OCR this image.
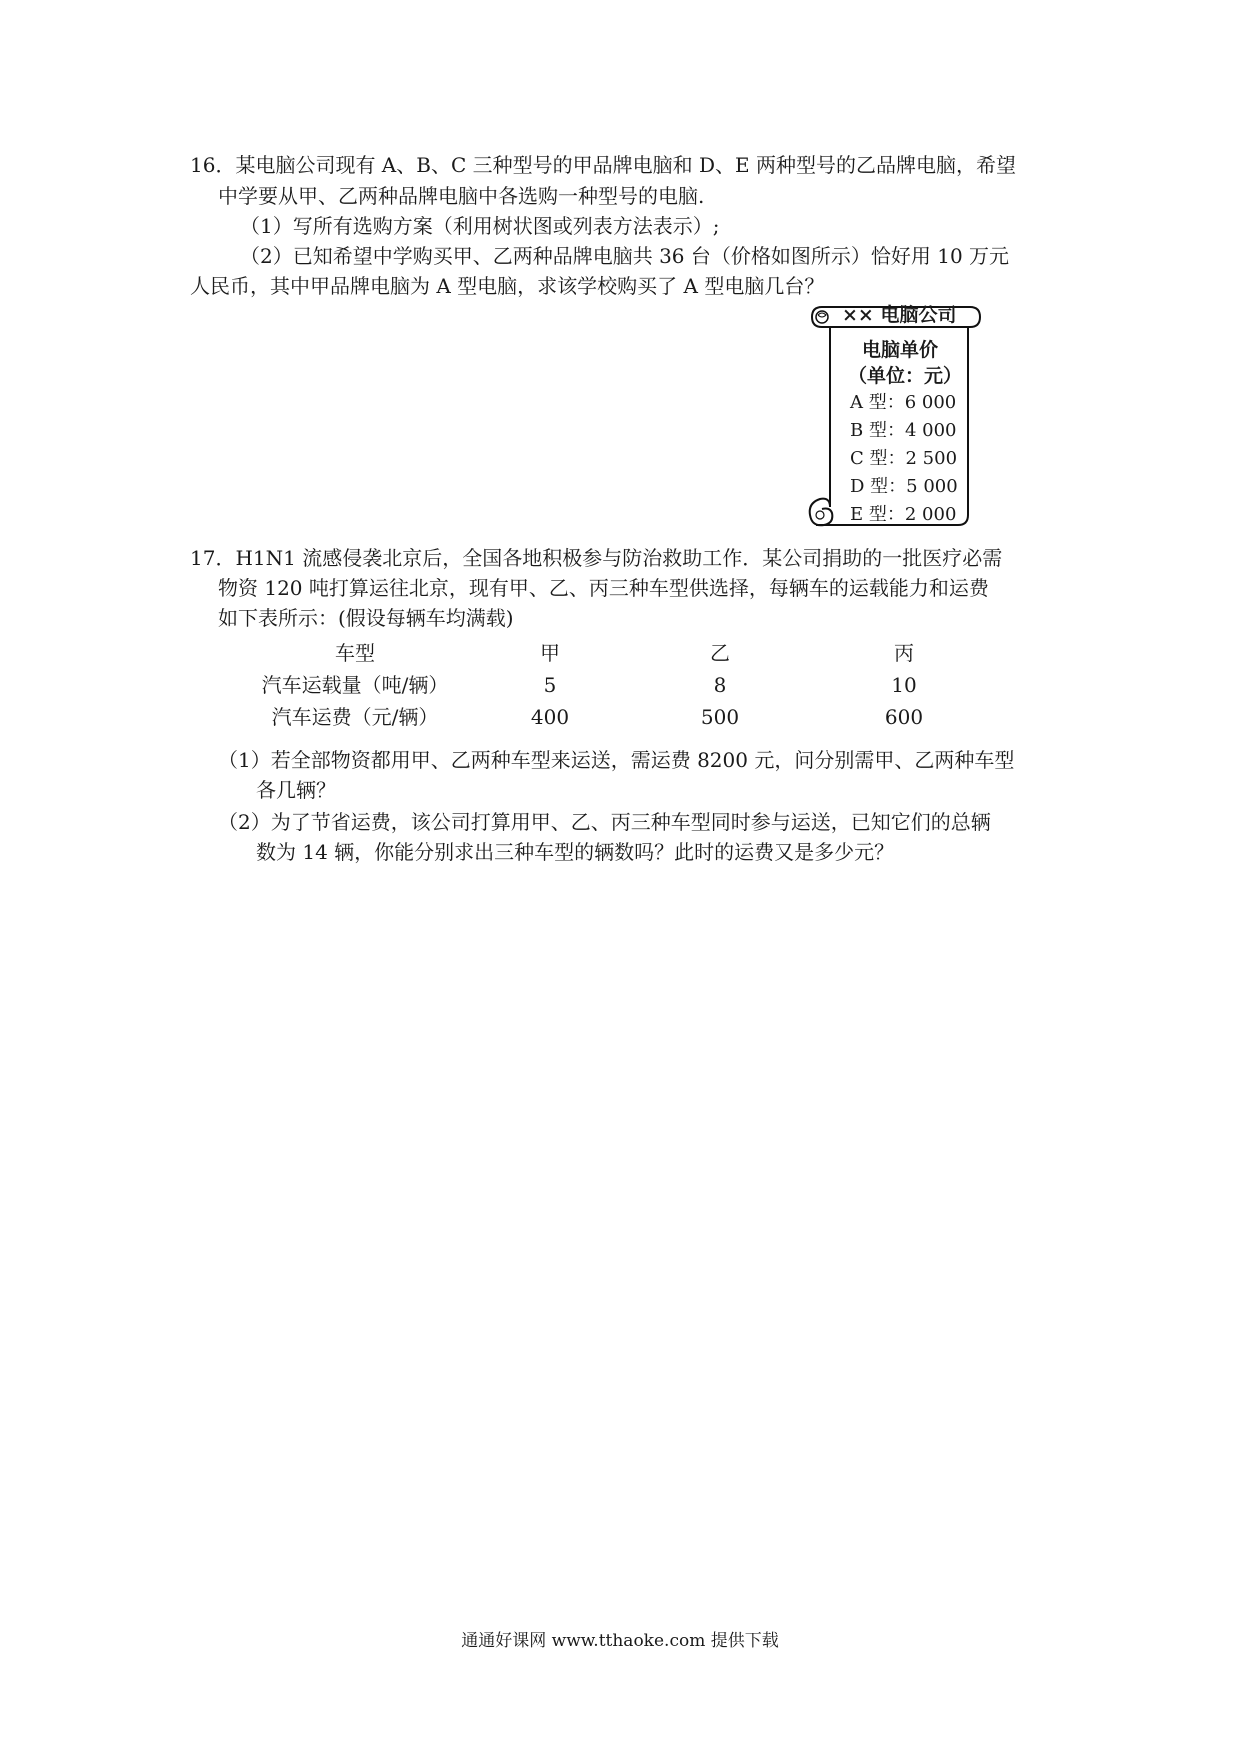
16．某电脑公司现有 A、B、C 三种型号的甲品牌电脑和 D、E 两种型号的乙品牌电脑，希望
中学要从甲、乙两种品牌电脑中各选购一种型号的电脑.
（1）写所有选购方案（利用树状图或列表方法表示）;
（2）已知希望中学购买甲、乙两种品牌电脑共 36 台（价格如图所示）恰好用 10 万元
人民币，其中甲品牌电脑为 A 型电脑，求该学校购买了 A 型电脑几台？
×× 电脑公司
电脑单价
（单位：元）
A 型：6 000
B 型：4 000
C 型：2 500
D 型：5 000
E 型：2 000
17．H1N1 流感侵袭北京后，全国各地积极参与防治救助工作．某公司捐助的一批医疗必需
物资 120 吨打算运往北京，现有甲、乙、丙三种车型供选择，每辆车的运载能力和运费
如下表所示：(假设每辆车均满载)
车型	甲	乙	丙
汽车运载量（吨/辆）	5	8	10
汽车运费（元/辆）	400	500	600
（1）若全部物资都用甲、乙两种车型来运送，需运费 8200 元，问分别需甲、乙两种车型
各几辆？
（2）为了节省运费，该公司打算用甲、乙、丙三种车型同时参与运送，已知它们的总辆
数为 14 辆，你能分别求出三种车型的辆数吗？此时的运费又是多少元？
通通好课网 www.tthaoke.com 提供下载
